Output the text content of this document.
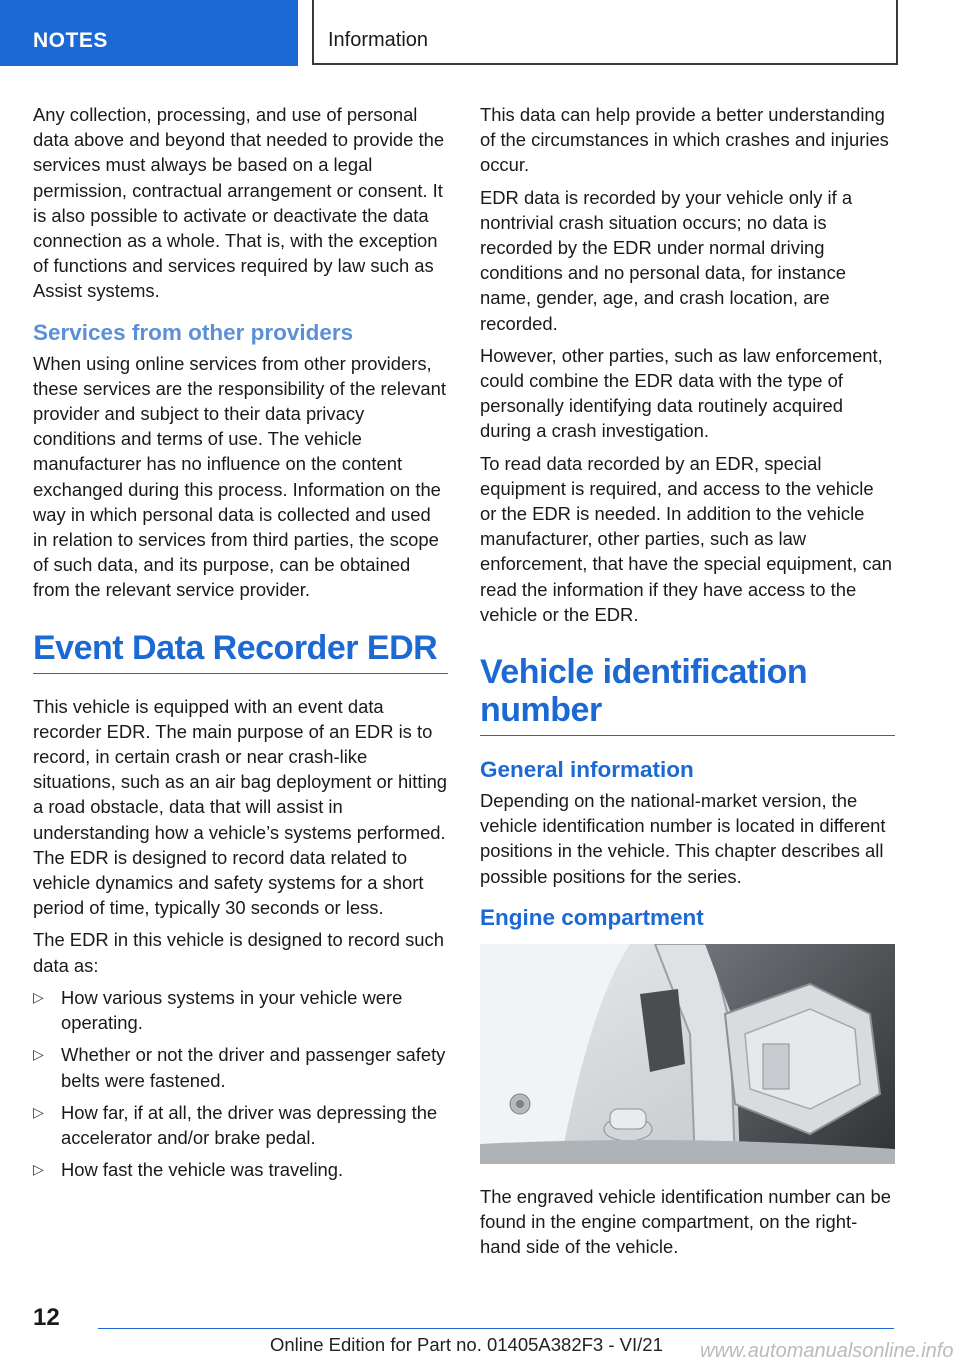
NOTES	Information

Any collection, processing, and use of personal data above and beyond that needed to provide the services must always be based on a legal permission, contractual arrangement or consent. It is also possible to activate or deactivate the data connection as a whole. That is, with the exception of functions and services required by law such as Assist systems.

Services from other providers

When using online services from other providers, these services are the responsibility of the relevant provider and subject to their data privacy conditions and terms of use. The vehicle manufacturer has no influence on the content exchanged during this process. Information on the way in which personal data is collected and used in relation to services from third parties, the scope of such data, and its purpose, can be obtained from the relevant service provider.

Event Data Recorder EDR

This vehicle is equipped with an event data recorder EDR. The main purpose of an EDR is to record, in certain crash or near crash-like situations, such as an air bag deployment or hitting a road obstacle, data that will assist in understanding how a vehicle’s systems performed. The EDR is designed to record data related to vehicle dynamics and safety systems for a short period of time, typically 30 seconds or less.

The EDR in this vehicle is designed to record such data as:

▷ How various systems in your vehicle were operating.
▷ Whether or not the driver and passenger safety belts were fastened.
▷ How far, if at all, the driver was depressing the accelerator and/or brake pedal.
▷ How fast the vehicle was traveling.

This data can help provide a better understanding of the circumstances in which crashes and injuries occur.

EDR data is recorded by your vehicle only if a nontrivial crash situation occurs; no data is recorded by the EDR under normal driving conditions and no personal data, for instance name, gender, age, and crash location, are recorded.

However, other parties, such as law enforcement, could combine the EDR data with the type of personally identifying data routinely acquired during a crash investigation.

To read data recorded by an EDR, special equipment is required, and access to the vehicle or the EDR is needed. In addition to the vehicle manufacturer, other parties, such as law enforcement, that have the special equipment, can read the information if they have access to the vehicle or the EDR.

Vehicle identification number
General information

Depending on the national-market version, the vehicle identification number is located in different positions in the vehicle. This chapter describes all possible positions for the series.

Engine compartment

The engraved vehicle identification number can be found in the engine compartment, on the right-hand side of the vehicle.

12
Online Edition for Part no. 01405A382F3 - VI/21 www.automanualsonline.info
